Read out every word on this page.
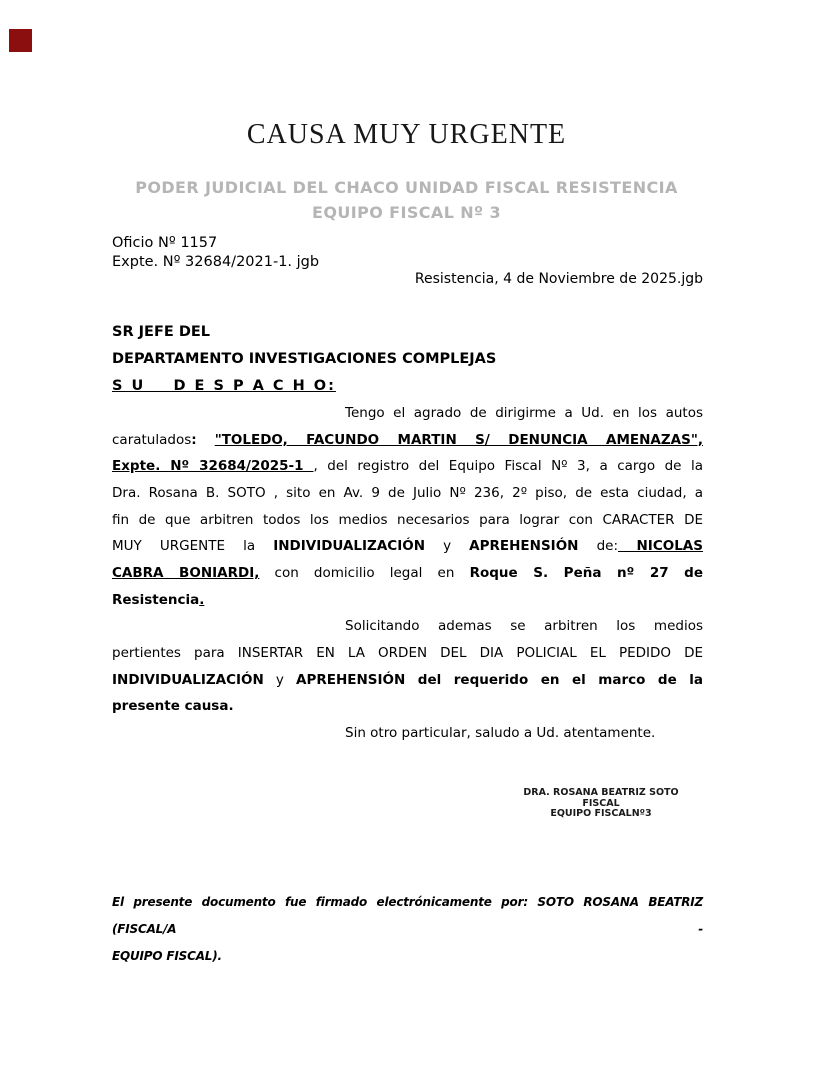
CAUSA MUY URGENTE
PODER JUDICIAL DEL CHACO UNIDAD FISCAL RESISTENCIA
EQUIPO FISCAL Nº 3
Oficio Nº 1157
Expte. Nº 32684/2021-1. jgb
Resistencia, 4 de Noviembre de 2025.jgb
SR JEFE DEL
DEPARTAMENTO INVESTIGACIONES COMPLEJAS
S U    D E S P A C H O:
Tengo el agrado de dirigirme a Ud. en los autos
caratulados: "TOLEDO, FACUNDO MARTIN S/ DENUNCIA AMENAZAS",
Expte. Nº 32684/2025-1 , del registro del Equipo Fiscal Nº 3, a cargo de la
Dra. Rosana B. SOTO , sito en Av. 9 de Julio Nº 236, 2º piso, de esta ciudad, a
fin de que arbitren todos los medios necesarios para lograr con CARACTER DE
MUY URGENTE la INDIVIDUALIZACIÓN y APREHENSIÓN de: NICOLAS
CABRA BONIARDI, con domicilio legal en Roque S. Peña nº 27 de
Resistencia.
Solicitando ademas se arbitren los medios
pertientes para INSERTAR EN LA ORDEN DEL DIA POLICIAL EL PEDIDO DE
INDIVIDUALIZACIÓN y APREHENSIÓN del requerido en el marco de la
presente causa.
Sin otro particular, saludo a Ud. atentamente.
DRA. ROSANA BEATRIZ SOTO
FISCAL
EQUIPO FISCALNº3
El presente documento fue firmado electrónicamente por: SOTO ROSANA BEATRIZ (FISCAL/A -
EQUIPO FISCAL).
